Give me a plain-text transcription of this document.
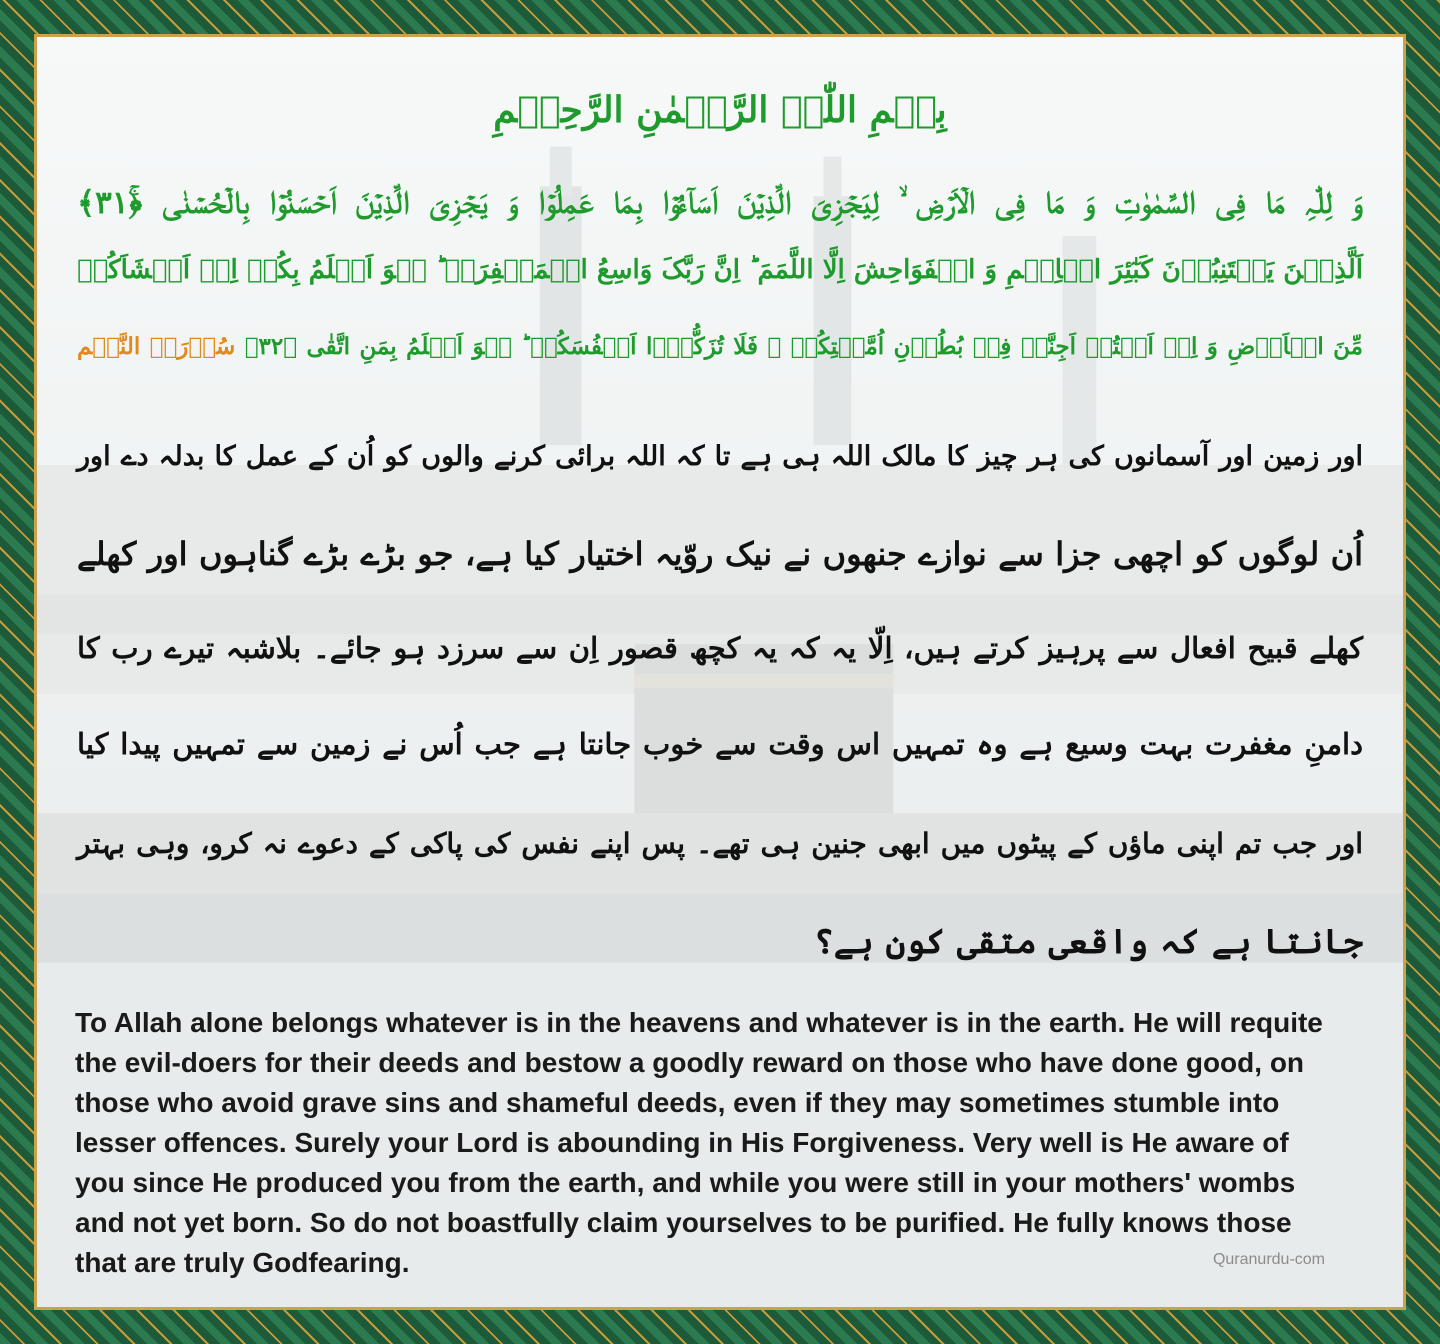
بِسۡمِ اللّٰہِ الرَّحۡمٰنِ الرَّحِیۡمِ
وَ لِلّٰہِ مَا فِی السَّمٰوٰتِ وَ مَا فِی الۡاَرۡضِ ۙ لِیَجۡزِیَ الَّذِیۡنَ اَسَآءُوۡا بِمَا عَمِلُوۡا وَ یَجۡزِیَ الَّذِیۡنَ اَحۡسَنُوۡا بِالۡحُسۡنٰی ﴿ۚ۳۱﴾
اَلَّذِیۡنَ یَجۡتَنِبُوۡنَ کَبٰٓئِرَ الۡاِثۡمِ وَ الۡفَوَاحِشَ اِلَّا اللَّمَمَ ؕ اِنَّ رَبَّکَ وَاسِعُ الۡمَغۡفِرَۃِ ؕ ہُوَ اَعۡلَمُ بِکُمۡ اِذۡ اَنۡشَاَکُمۡ
مِّنَ الۡاَرۡضِ وَ اِذۡ اَنۡتُمۡ اَجِنَّۃٌ فِیۡ بُطُوۡنِ اُمَّہٰتِکُمۡ ۚ فَلَا تُزَکُّوۡۤا اَنۡفُسَکُمۡ ؕ ہُوَ اَعۡلَمُ بِمَنِ اتَّقٰی ﴿۳۲﴾ سُوۡرَۃُ النَّجۡم
اور زمین اور آسمانوں کی ہر چیز کا مالک اللہ ہی ہے تا کہ اللہ برائی کرنے والوں کو اُن کے عمل کا بدلہ دے اور
اُن لوگوں کو اچھی جزا سے نوازے جنھوں نے نیک روّیہ اختیار کیا ہے، جو بڑے بڑے گناہوں اور کھلے
کھلے قبیح افعال سے پرہیز کرتے ہیں، اِلّا یہ کہ یہ کچھ قصور اِن سے سرزد ہو جائے۔ بلاشبہ تیرے رب کا
دامنِ مغفرت بہت وسیع ہے وہ تمہیں اس وقت سے خوب جانتا ہے جب اُس نے زمین سے تمہیں پیدا کیا
اور جب تم اپنی ماؤں کے پیٹوں میں ابھی جنین ہی تھے۔ پس اپنے نفس کی پاکی کے دعوے نہ کرو، وہی بہتر
جانتا ہے کہ واقعی متقی کون ہے؟
To Allah alone belongs whatever is in the heavens and whatever is in the earth. He will requite the evil-doers for their deeds and bestow a goodly reward on those who have done good, on those who avoid grave sins and shameful deeds, even if they may sometimes stumble into lesser offences. Surely your Lord is abounding in His Forgiveness. Very well is He aware of you since He produced you from the earth, and while you were still in your mothers' wombs and not yet born. So do not boastfully claim yourselves to be purified. He fully knows those that are truly Godfearing.	Quranurdu-com
